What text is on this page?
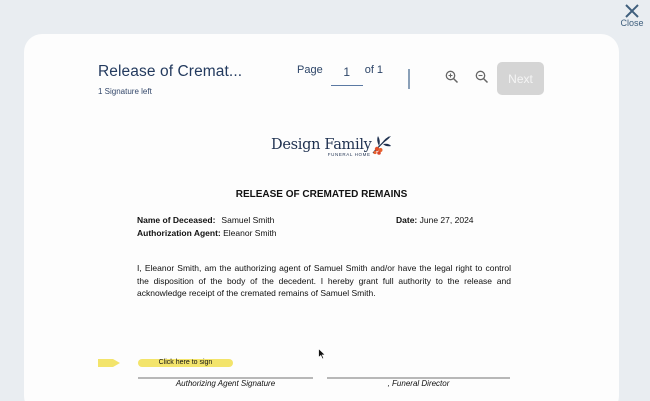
Close
Release of Cremat...
1 Signature left
Page
1	of 1
Next
Design Family
FUNERAL HOME
RELEASE OF CREMATED REMAINS
Name of Deceased: Samuel Smith	Date: June 27, 2024
Authorization Agent: Eleanor Smith
I, Eleanor Smith, am the authorizing agent of Samuel Smith and/or have the legal right to control the disposition of the body of the decedent. I hereby grant full authority to the release and acknowledge receipt of the cremated remains of Samuel Smith.
Click here to sign
Authorizing Agent Signature	, Funeral Director
